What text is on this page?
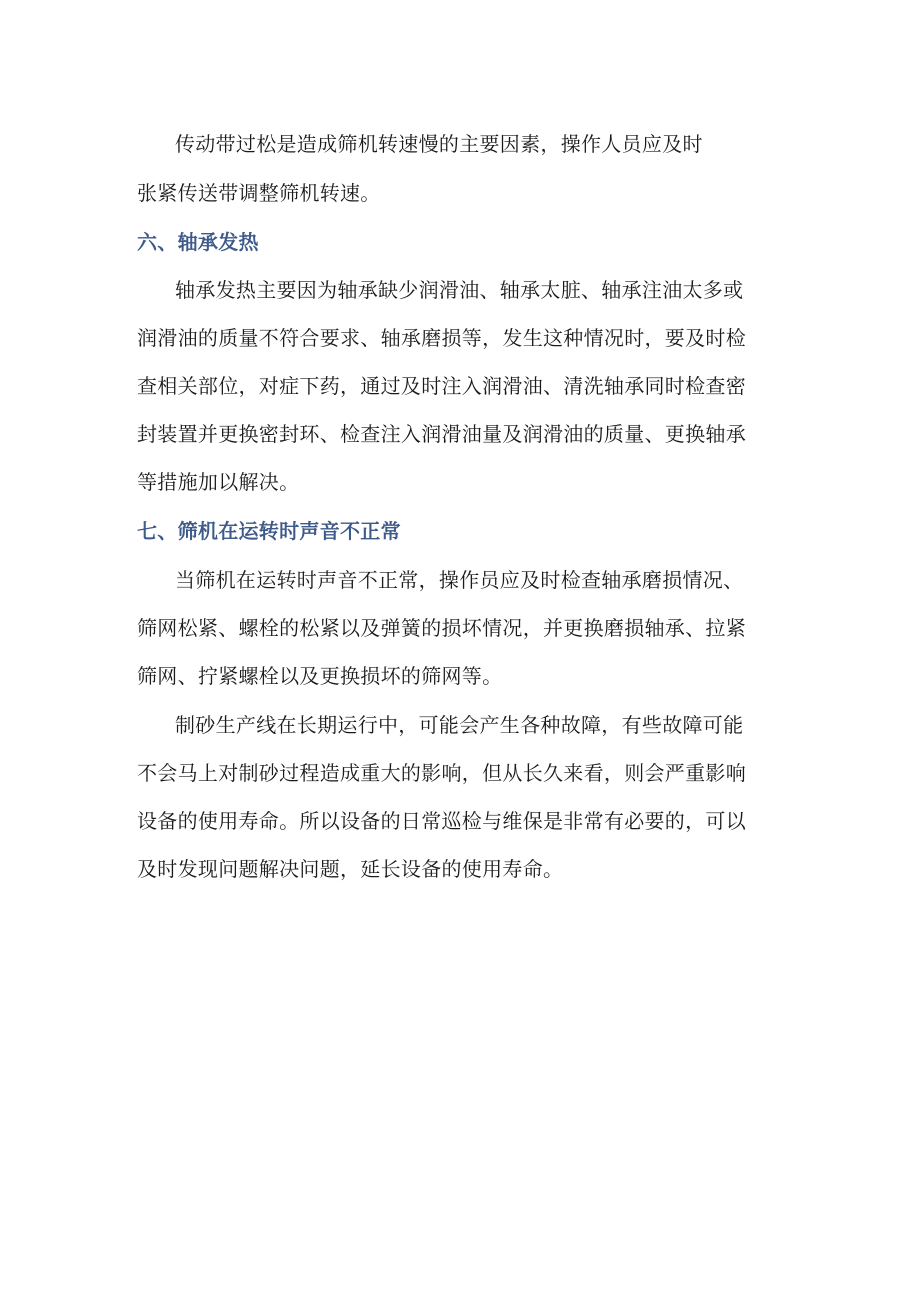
传动带过松是造成筛机转速慢的主要因素，操作人员应及时
张紧传送带调整筛机转速。
六、轴承发热
轴承发热主要因为轴承缺少润滑油、轴承太脏、轴承注油太多或
润滑油的质量不符合要求、轴承磨损等，发生这种情况时，要及时检
查相关部位，对症下药，通过及时注入润滑油、清洗轴承同时检查密
封装置并更换密封环、检查注入润滑油量及润滑油的质量、更换轴承
等措施加以解决。
七、筛机在运转时声音不正常
当筛机在运转时声音不正常，操作员应及时检查轴承磨损情况、
筛网松紧、螺栓的松紧以及弹簧的损坏情况，并更换磨损轴承、拉紧
筛网、拧紧螺栓以及更换损坏的筛网等。
制砂生产线在长期运行中，可能会产生各种故障，有些故障可能
不会马上对制砂过程造成重大的影响，但从长久来看，则会严重影响
设备的使用寿命。所以设备的日常巡检与维保是非常有必要的，可以
及时发现问题解决问题，延长设备的使用寿命。
